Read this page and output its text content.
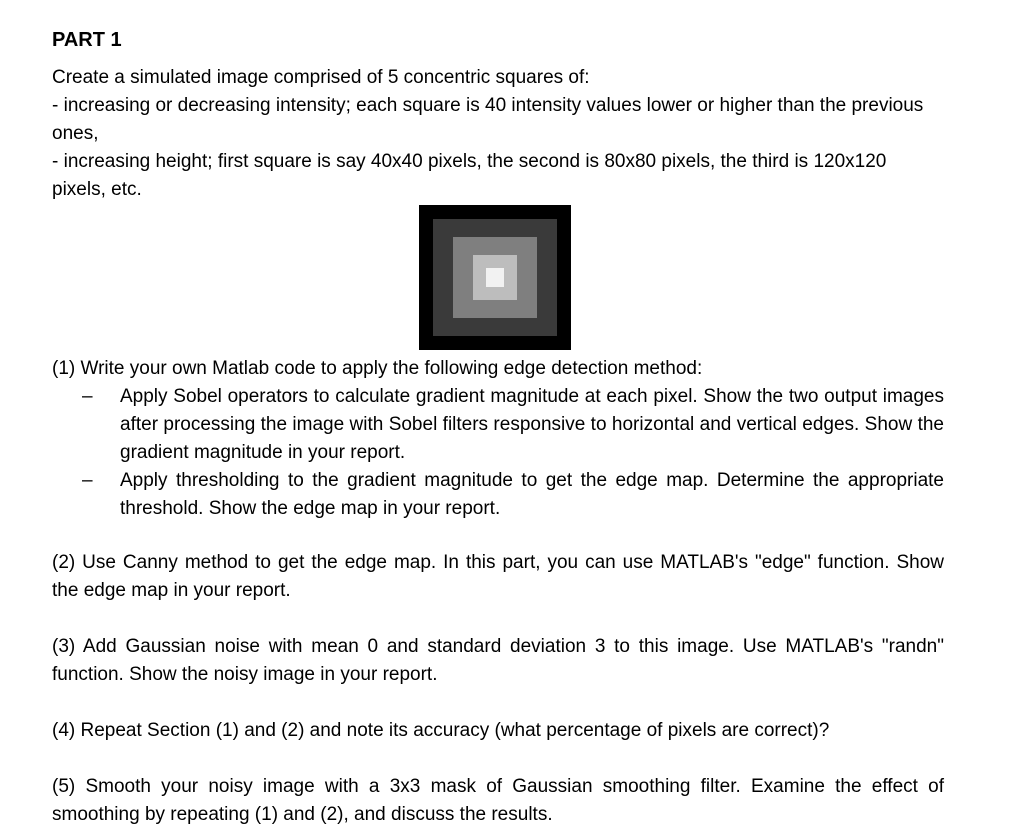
PART 1
Create a simulated image comprised of 5 concentric squares of:
- increasing or decreasing intensity; each square is 40 intensity values lower or higher than the previous ones,
- increasing height; first square is say 40x40 pixels, the second is 80x80 pixels, the third is 120x120 pixels, etc.
(1) Write your own Matlab code to apply the following edge detection method:
– Apply Sobel operators to calculate gradient magnitude at each pixel. Show the two output images after processing the image with Sobel filters responsive to horizontal and vertical edges. Show the gradient magnitude in your report.
– Apply thresholding to the gradient magnitude to get the edge map. Determine the appropriate threshold. Show the edge map in your report.
(2) Use Canny method to get the edge map. In this part, you can use MATLAB's "edge" function. Show the edge map in your report.
(3) Add Gaussian noise with mean 0 and standard deviation 3 to this image. Use MATLAB's "randn" function. Show the noisy image in your report.
(4) Repeat Section (1) and (2) and note its accuracy (what percentage of pixels are correct)?
(5) Smooth your noisy image with a 3x3 mask of Gaussian smoothing filter. Examine the effect of smoothing by repeating (1) and (2), and discuss the results.
